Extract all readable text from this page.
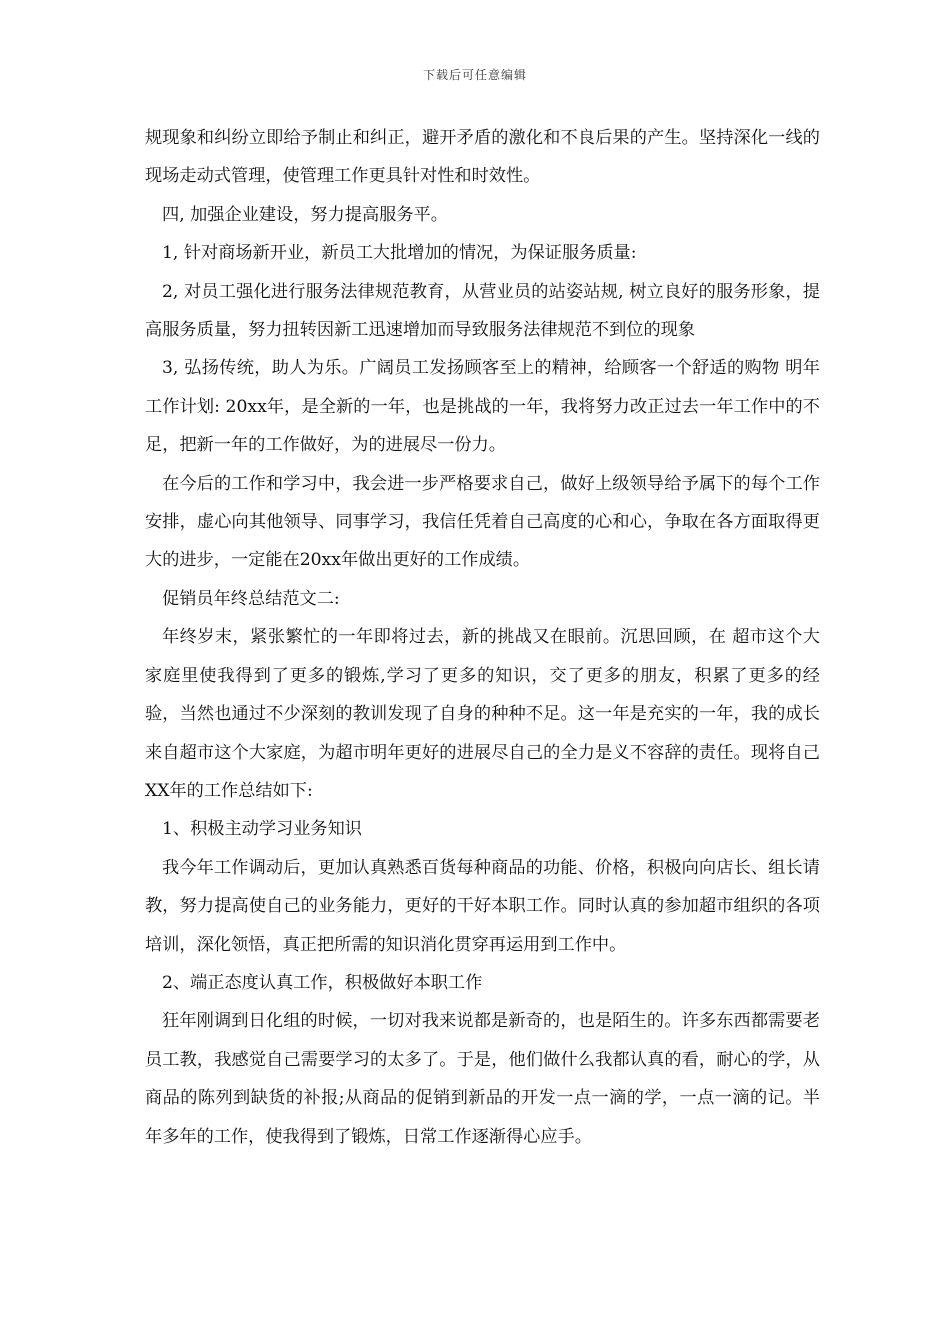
下载后可任意编辑

规现象和纠纷立即给予制止和纠正，避开矛盾的激化和不良后果的产生。坚持深化一线的现场走动式管理，使管理工作更具针对性和时效性。

四, 加强企业建设，努力提高服务平。

1, 针对商场新开业，新员工大批增加的情况，为保证服务质量:

2, 对员工强化进行服务法律规范教育，从营业员的站姿站规, 树立良好的服务形象，提高服务质量，努力扭转因新工迅速增加而导致服务法律规范不到位的现象

3, 弘扬传统，助人为乐。广阔员工发扬顾客至上的精神，给顾客一个舒适的购物 明年工作计划: 20xx年，是全新的一年，也是挑战的一年，我将努力改正过去一年工作中的不足，把新一年的工作做好，为的进展尽一份力。

在今后的工作和学习中，我会进一步严格要求自己，做好上级领导给予属下的每个工作安排，虚心向其他领导、同事学习，我信任凭着自己高度的心和心，争取在各方面取得更大的进步，一定能在20xx年做出更好的工作成绩。

促销员年终总结范文二:

年终岁末，紧张繁忙的一年即将过去，新的挑战又在眼前。沉思回顾，在 超市这个大家庭里使我得到了更多的锻炼,学习了更多的知识，交了更多的朋友，积累了更多的经验，当然也通过不少深刻的教训发现了自身的种种不足。这一年是充实的一年，我的成长来自超市这个大家庭，为超市明年更好的进展尽自己的全力是义不容辞的责任。现将自己XX年的工作总结如下:

1、积极主动学习业务知识

我今年工作调动后，更加认真熟悉百货每种商品的功能、价格，积极向向店长、组长请教，努力提高使自己的业务能力，更好的干好本职工作。同时认真的参加超市组织的各项培训，深化领悟，真正把所需的知识消化贯穿再运用到工作中。

2、端正态度认真工作，积极做好本职工作

狂年刚调到日化组的时候，一切对我来说都是新奇的，也是陌生的。许多东西都需要老员工教，我感觉自己需要学习的太多了。于是，他们做什么我都认真的看，耐心的学，从商品的陈列到缺货的补报;从商品的促销到新品的开发一点一滴的学，一点一滴的记。半年多年的工作，使我得到了锻炼，日常工作逐渐得心应手。
